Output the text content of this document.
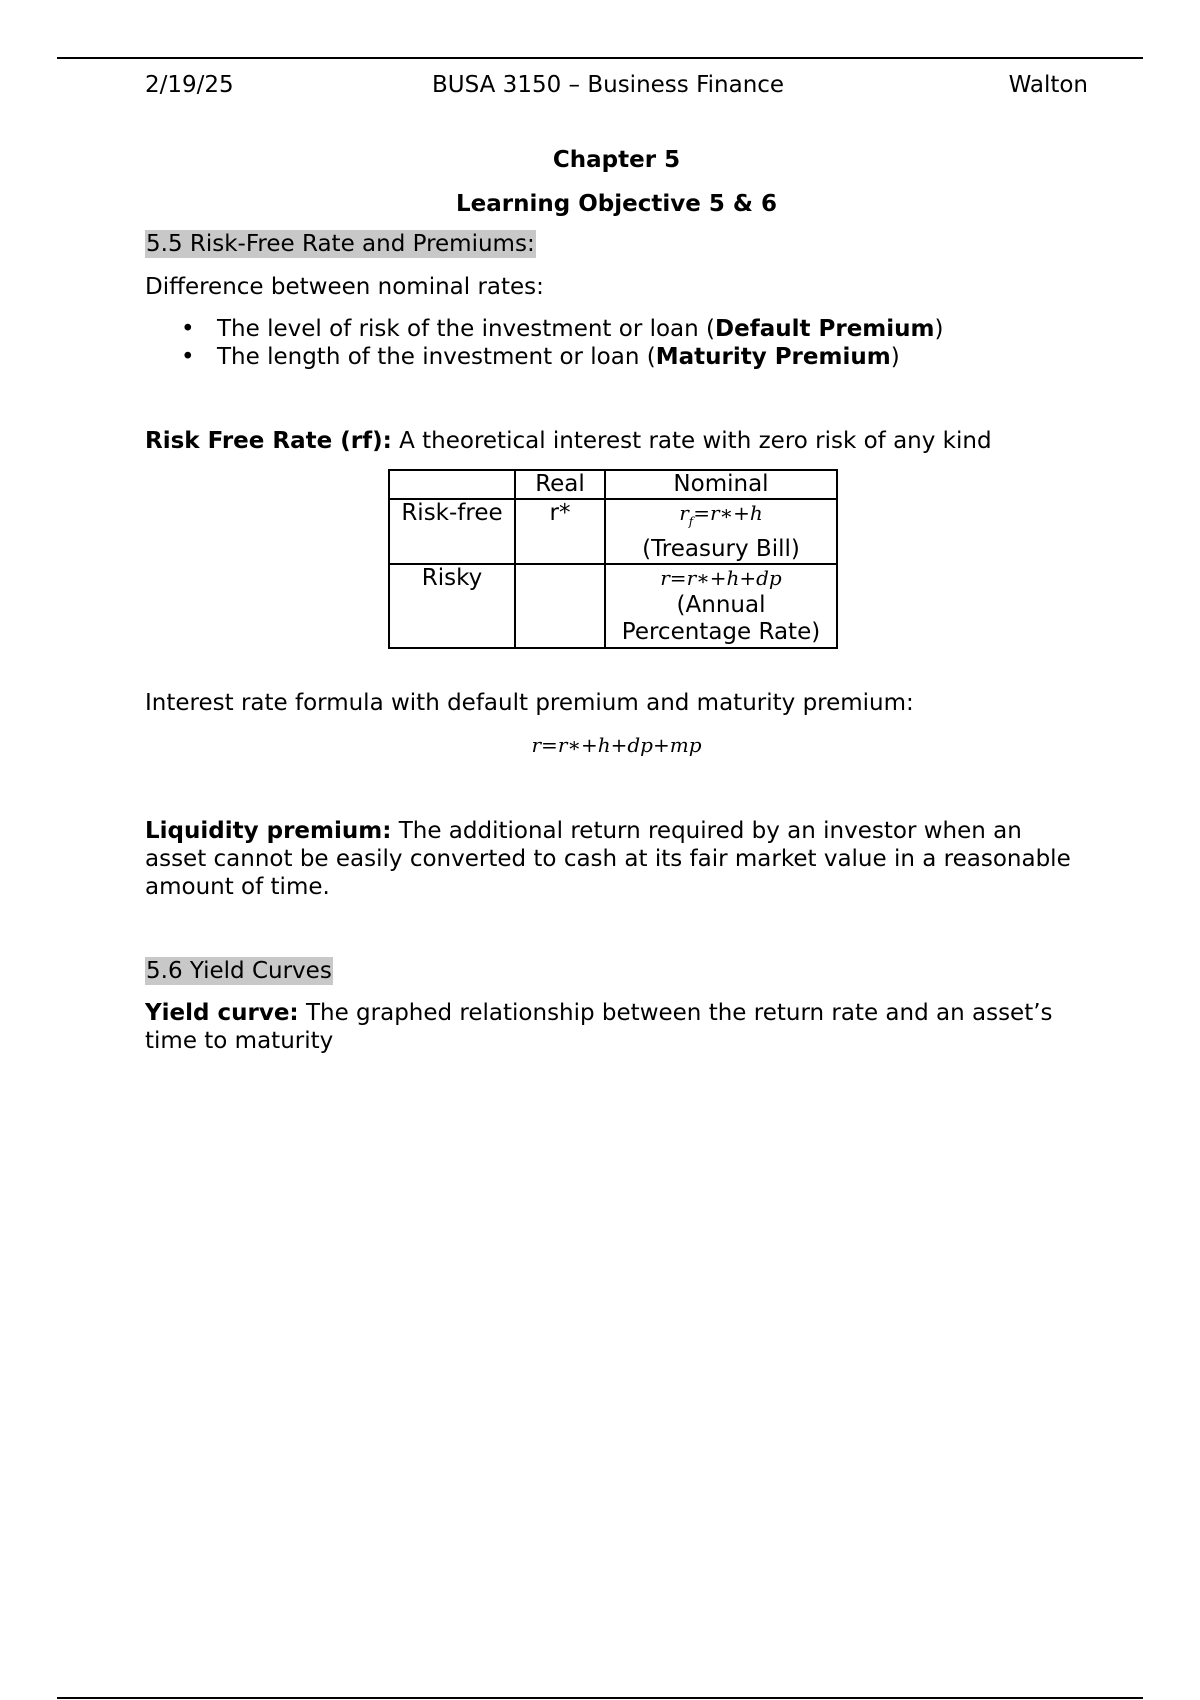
2/19/25	BUSA 3150 – Business Finance	Walton
Chapter 5
Learning Objective 5 & 6
5.5 Risk-Free Rate and Premiums:
Difference between nominal rates:
• The level of risk of the investment or loan (Default Premium)
• The length of the investment or loan (Maturity Premium)
Risk Free Rate (rf): A theoretical interest rate with zero risk of any kind
	Real	Nominal
Risk-free	r*	$r_f=r∗+h$
(Treasury Bill)

Risky		r=r∗+h+dp
(Annual Percentage Rate)
Interest rate formula with default premium and maturity premium:
r=r∗+h+dp+mp
Liquidity premium: The additional return required by an investor when an asset cannot be easily converted to cash at its fair market value in a reasonable amount of time.
5.6 Yield Curves
Yield curve: The graphed relationship between the return rate and an asset’s time to maturity
